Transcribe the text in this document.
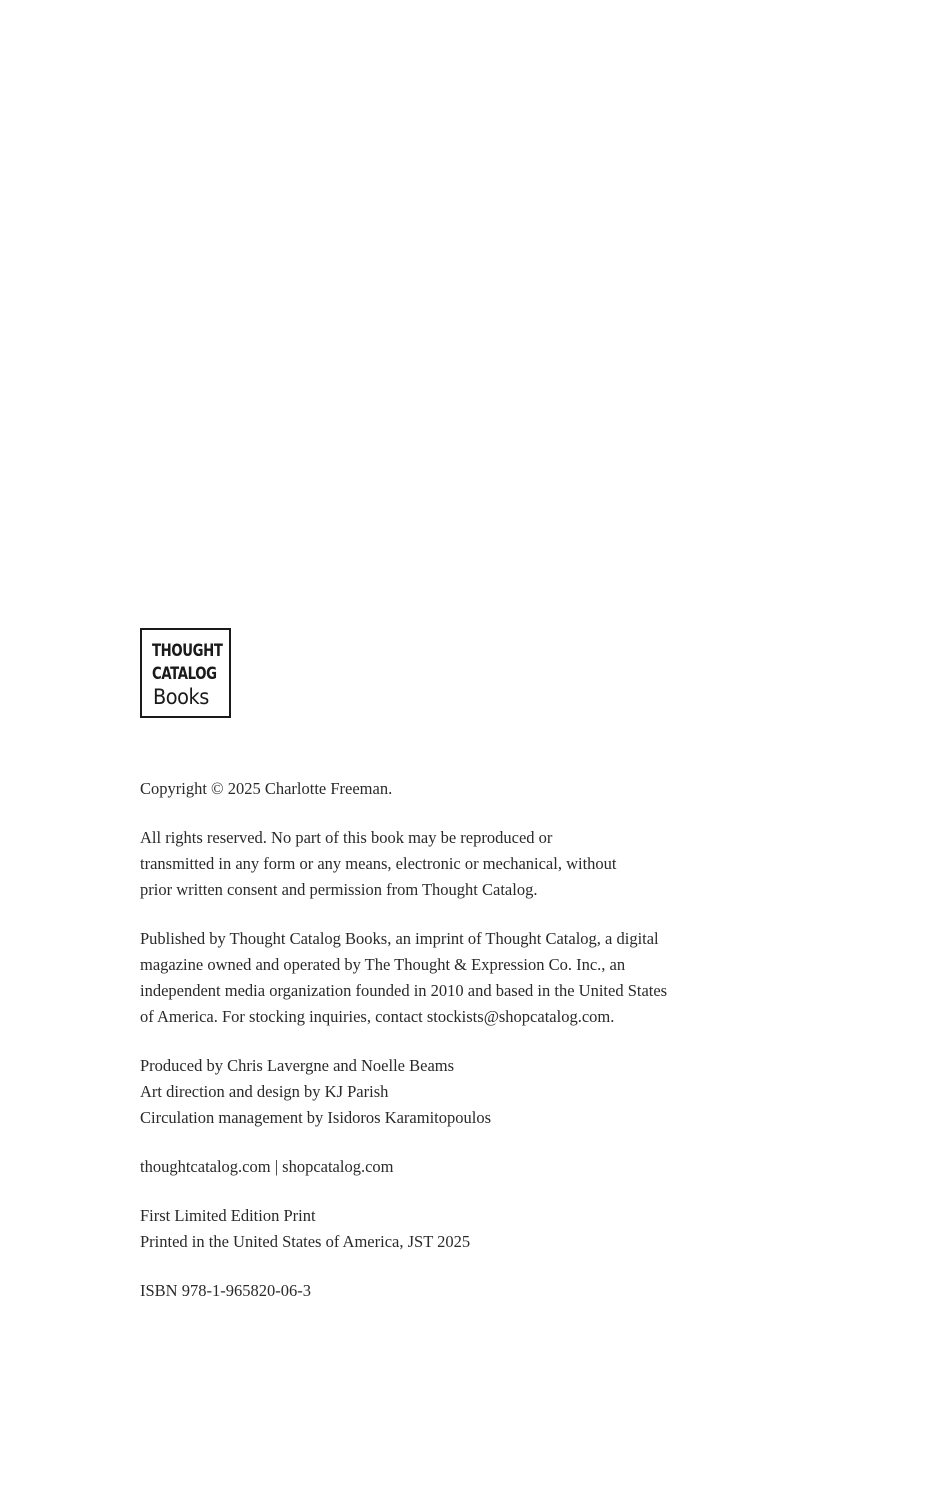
THOUGHT
CATALOG
Books

Copyright © 2025 Charlotte Freeman.

All rights reserved. No part of this book may be reproduced or
transmitted in any form or any means, electronic or mechanical, without
prior written consent and permission from Thought Catalog.

Published by Thought Catalog Books, an imprint of Thought Catalog, a digital
magazine owned and operated by The Thought & Expression Co. Inc., an
independent media organization founded in 2010 and based in the United States
of America. For stocking inquiries, contact stockists@shopcatalog.com.

Produced by Chris Lavergne and Noelle Beams
Art direction and design by KJ Parish
Circulation management by Isidoros Karamitopoulos

thoughtcatalog.com | shopcatalog.com

First Limited Edition Print
Printed in the United States of America, JST 2025

ISBN 978-1-965820-06-3
